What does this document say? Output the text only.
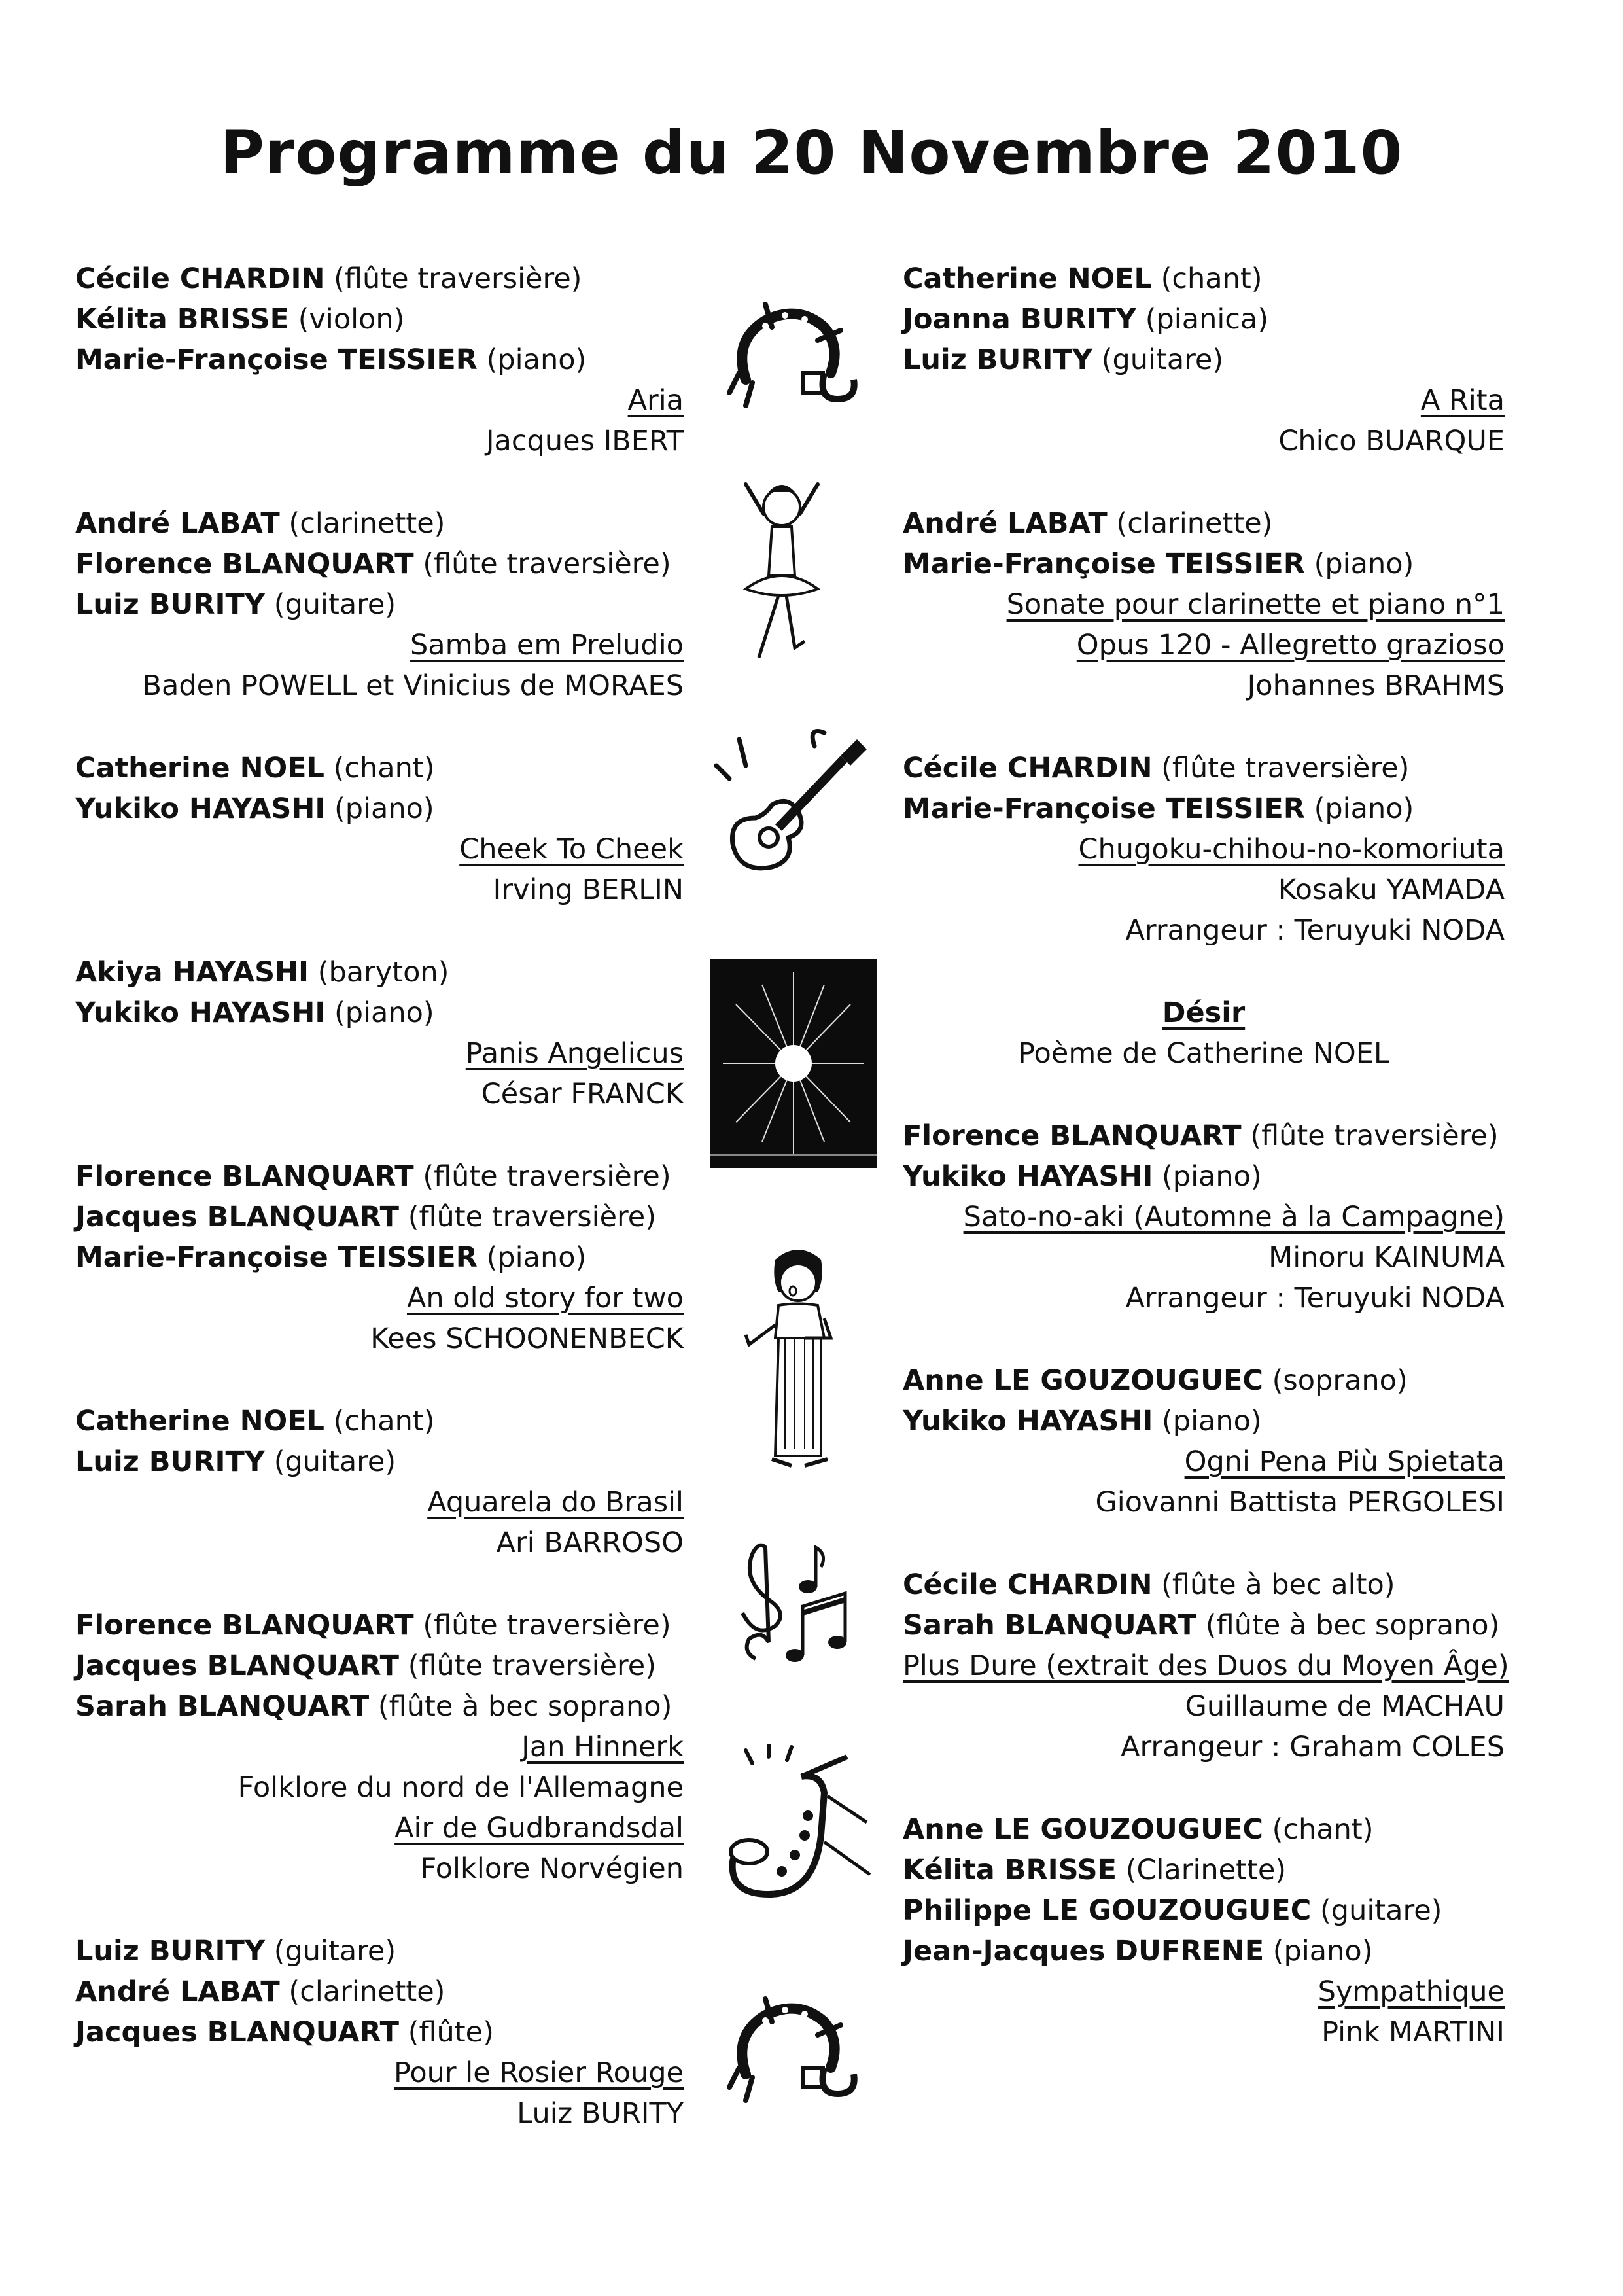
Programme du 20 Novembre 2010
Cécile CHARDIN (flûte traversière)
Kélita BRISSE (violon)
Marie-Françoise TEISSIER (piano)
Aria
Jacques IBERT
André LABAT (clarinette)
Florence BLANQUART (flûte traversière)
Luiz BURITY (guitare)
Samba em Preludio
Baden POWELL et Vinicius de MORAES
Catherine NOEL (chant)
Yukiko HAYASHI (piano)
Cheek To Cheek
Irving BERLIN
Akiya HAYASHI (baryton)
Yukiko HAYASHI (piano)
Panis Angelicus
César FRANCK
Florence BLANQUART (flûte traversière)
Jacques BLANQUART (flûte traversière)
Marie-Françoise TEISSIER (piano)
An old story for two
Kees SCHOONENBECK
Catherine NOEL (chant)
Luiz BURITY (guitare)
Aquarela do Brasil
Ari BARROSO
Florence BLANQUART (flûte traversière)
Jacques BLANQUART (flûte traversière)
Sarah BLANQUART (flûte à bec soprano)
Jan Hinnerk
Folklore du nord de l'Allemagne
Air de Gudbrandsdal
Folklore Norvégien
Luiz BURITY (guitare)
André LABAT (clarinette)
Jacques BLANQUART (flûte)
Pour le Rosier Rouge
Luiz BURITY
Catherine NOEL (chant)
Joanna BURITY (pianica)
Luiz BURITY (guitare)
A Rita
Chico BUARQUE
André LABAT (clarinette)
Marie-Françoise TEISSIER (piano)
Sonate pour clarinette et piano n°1
Opus 120 - Allegretto grazioso
Johannes BRAHMS
Cécile CHARDIN (flûte traversière)
Marie-Françoise TEISSIER (piano)
Chugoku-chihou-no-komoriuta
Kosaku YAMADA
Arrangeur : Teruyuki NODA
Désir
Poème de Catherine NOEL
Florence BLANQUART (flûte traversière)
Yukiko HAYASHI (piano)
Sato-no-aki (Automne à la Campagne)
Minoru KAINUMA
Arrangeur : Teruyuki NODA
Anne LE GOUZOUGUEC (soprano)
Yukiko HAYASHI (piano)
Ogni Pena Più Spietata
Giovanni Battista PERGOLESI
Cécile CHARDIN (flûte à bec alto)
Sarah BLANQUART (flûte à bec soprano)
Plus Dure (extrait des Duos du Moyen Âge)
Guillaume de MACHAU
Arrangeur : Graham COLES
Anne LE GOUZOUGUEC (chant)
Kélita BRISSE (Clarinette)
Philippe LE GOUZOUGUEC (guitare)
Jean-Jacques DUFRENE (piano)
Sympathique
Pink MARTINI
